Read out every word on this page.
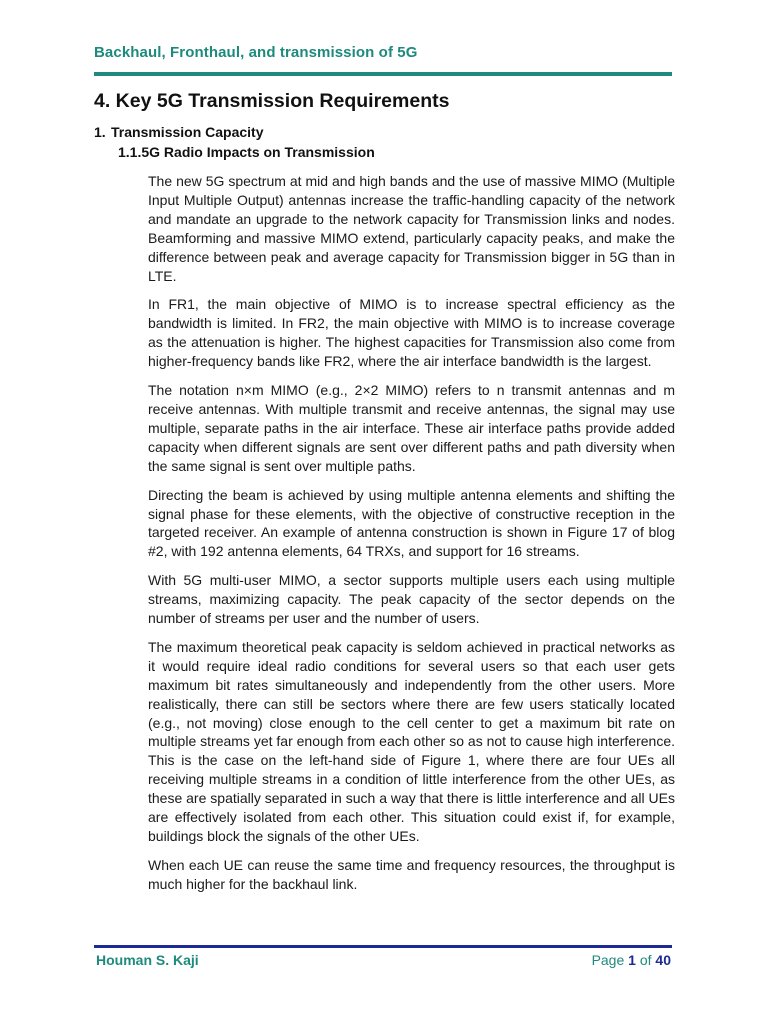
Backhaul, Fronthaul, and transmission of 5G
4. Key 5G Transmission Requirements
1. Transmission Capacity
1.1.5G Radio Impacts on Transmission

The new 5G spectrum at mid and high bands and the use of massive MIMO (Multiple Input Multiple Output) antennas increase the traffic-handling capacity of the network and mandate an upgrade to the network capacity for Transmission links and nodes. Beamforming and massive MIMO extend, particularly capacity peaks, and make the difference between peak and average capacity for Transmission bigger in 5G than in LTE.

In FR1, the main objective of MIMO is to increase spectral efficiency as the bandwidth is limited. In FR2, the main objective with MIMO is to increase coverage as the attenuation is higher. The highest capacities for Transmission also come from higher-frequency bands like FR2, where the air interface bandwidth is the largest.

The notation n×m MIMO (e.g., 2×2 MIMO) refers to n transmit antennas and m receive antennas. With multiple transmit and receive antennas, the signal may use multiple, separate paths in the air interface. These air interface paths provide added capacity when different signals are sent over different paths and path diversity when the same signal is sent over multiple paths.

Directing the beam is achieved by using multiple antenna elements and shifting the signal phase for these elements, with the objective of constructive reception in the targeted receiver. An example of antenna construction is shown in Figure 17 of blog #2, with 192 antenna elements, 64 TRXs, and support for 16 streams.

With 5G multi-user MIMO, a sector supports multiple users each using multiple streams, maximizing capacity. The peak capacity of the sector depends on the number of streams per user and the number of users.

The maximum theoretical peak capacity is seldom achieved in practical networks as it would require ideal radio conditions for several users so that each user gets maximum bit rates simultaneously and independently from the other users. More realistically, there can still be sectors where there are few users statically located (e.g., not moving) close enough to the cell center to get a maximum bit rate on multiple streams yet far enough from each other so as not to cause high interference. This is the case on the left-hand side of Figure 1, where there are four UEs all receiving multiple streams in a condition of little interference from the other UEs, as these are spatially separated in such a way that there is little interference and all UEs are effectively isolated from each other. This situation could exist if, for example, buildings block the signals of the other UEs.

When each UE can reuse the same time and frequency resources, the throughput is much higher for the backhaul link.

Houman S. Kaji	Page 1 of 40
